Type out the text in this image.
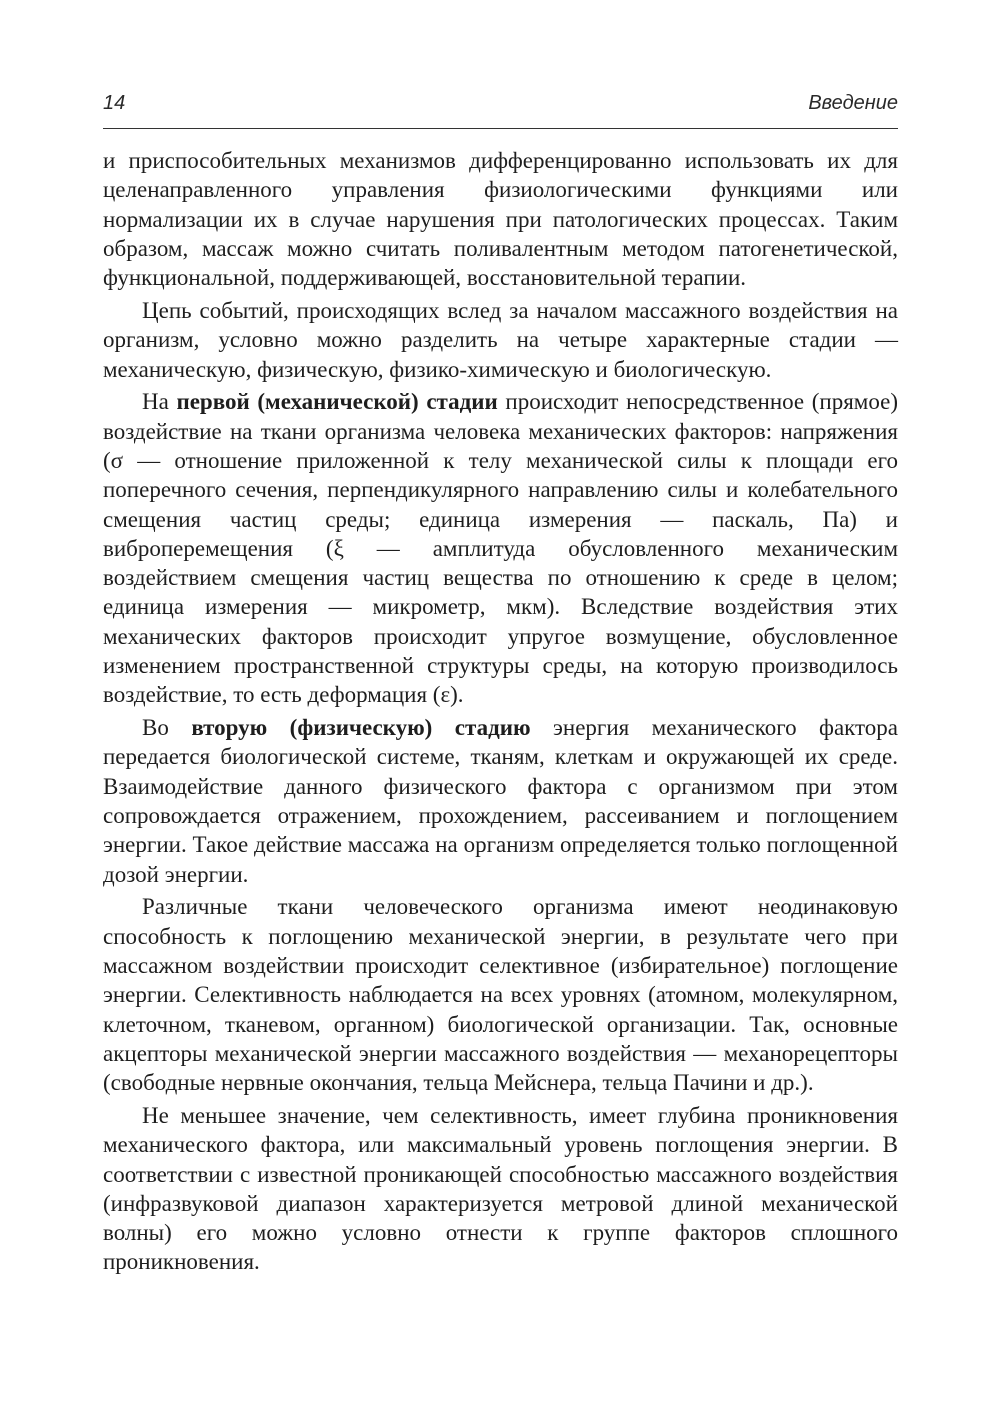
14	Введение

и приспособительных механизмов дифференцированно использовать их для целенаправленного управления физиологическими функциями или нормализации их в случае нарушения при патологических процессах. Таким образом, массаж можно считать поливалентным методом патогенетической, функциональной, поддерживающей, восстановительной терапии.

Цепь событий, происходящих вслед за началом массажного воздействия на организм, условно можно разделить на четыре характерные стадии — механическую, физическую, физико-химическую и биологическую.

На первой (механической) стадии происходит непосредственное (прямое) воздействие на ткани организма человека механических факторов: напряжения (σ — отношение приложенной к телу механической силы к площади его поперечного сечения, перпендикулярного направлению силы и колебательного смещения частиц среды; единица измерения — паскаль, Па) и виброперемещения (ξ — амплитуда обусловленного механическим воздействием смещения частиц вещества по отношению к среде в целом; единица измерения — микрометр, мкм). Вследствие воздействия этих механических факторов происходит упругое возмущение, обусловленное изменением пространственной структуры среды, на которую производилось воздействие, то есть деформация (ε).

Во вторую (физическую) стадию энергия механического фактора передается биологической системе, тканям, клеткам и окружающей их среде. Взаимодействие данного физического фактора с организмом при этом сопровождается отражением, прохождением, рассеиванием и поглощением энергии. Такое действие массажа на организм определяется только поглощенной дозой энергии.

Различные ткани человеческого организма имеют неодинаковую способность к поглощению механической энергии, в результате чего при массажном воздействии происходит селективное (избирательное) поглощение энергии. Селективность наблюдается на всех уровнях (атомном, молекулярном, клеточном, тканевом, органном) биологической организации. Так, основные акцепторы механической энергии массажного воздействия — механорецепторы (свободные нервные окончания, тельца Мейснера, тельца Пачини и др.).

Не меньшее значение, чем селективность, имеет глубина проникновения механического фактора, или максимальный уровень поглощения энергии. В соответствии с известной проникающей способностью массажного воздействия (инфразвуковой диапазон характеризуется метровой длиной механической волны) его можно условно отнести к группе факторов сплошного проникновения.
